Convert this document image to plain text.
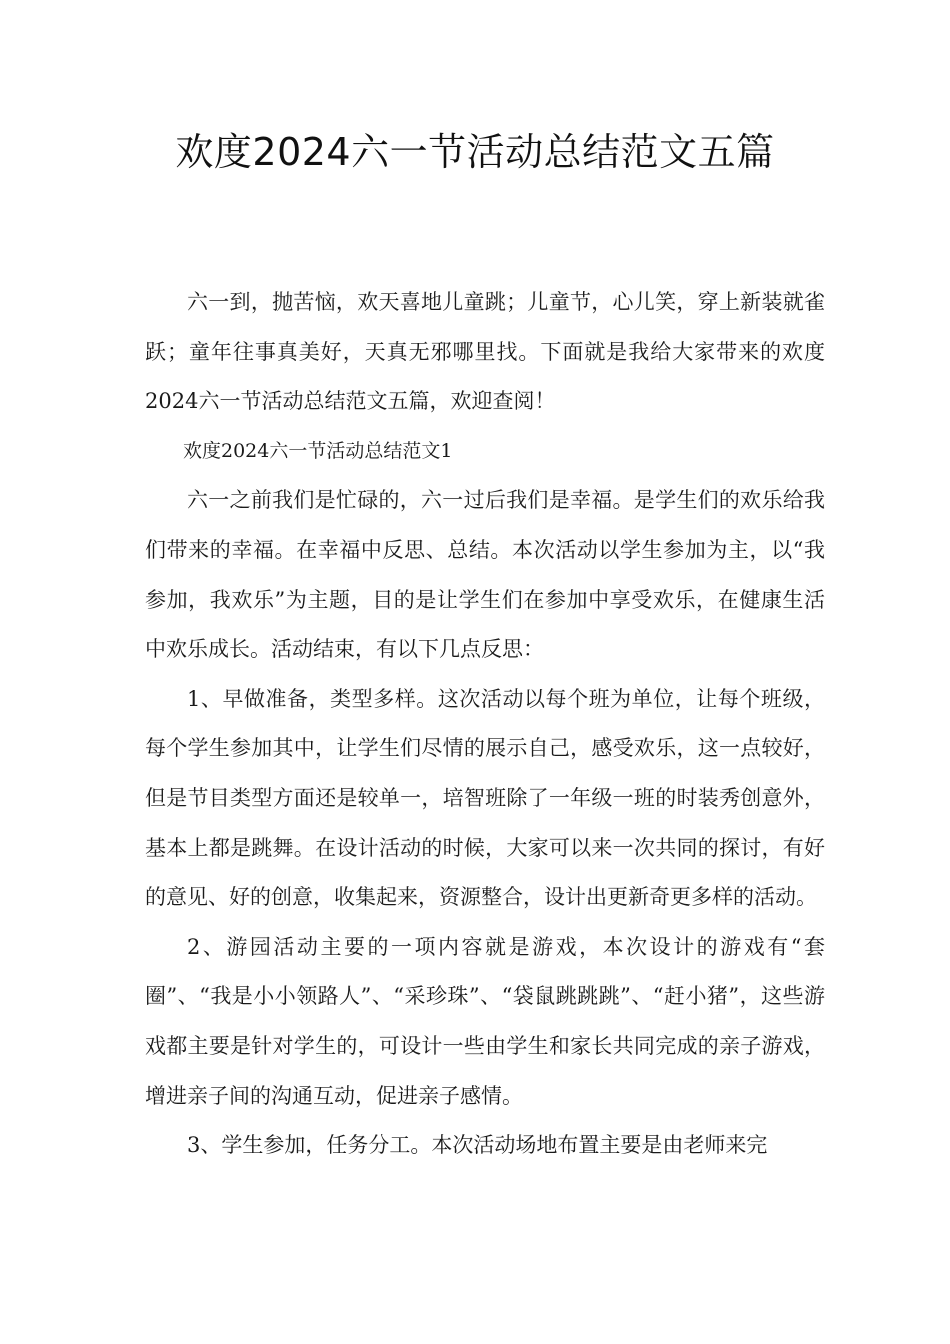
欢度2024六一节活动总结范文五篇

六一到，抛苦恼，欢天喜地儿童跳；儿童节，心儿笑，穿上新装就雀跃；童年往事真美好，天真无邪哪里找。下面就是我给大家带来的欢度2024六一节活动总结范文五篇，欢迎查阅！

欢度2024六一节活动总结范文1

六一之前我们是忙碌的，六一过后我们是幸福。是学生们的欢乐给我们带来的幸福。在幸福中反思、总结。本次活动以学生参加为主，以“我参加，我欢乐”为主题，目的是让学生们在参加中享受欢乐，在健康生活中欢乐成长。活动结束，有以下几点反思：

1、早做准备，类型多样。这次活动以每个班为单位，让每个班级，每个学生参加其中，让学生们尽情的展示自己，感受欢乐，这一点较好，但是节目类型方面还是较单一，培智班除了一年级一班的时装秀创意外，基本上都是跳舞。在设计活动的时候，大家可以来一次共同的探讨，有好的意见、好的创意，收集起来，资源整合，设计出更新奇更多样的活动。

2、游园活动主要的一项内容就是游戏，本次设计的游戏有“套圈”、“我是小小领路人”、“采珍珠”、“袋鼠跳跳跳”、“赶小猪”，这些游戏都主要是针对学生的，可设计一些由学生和家长共同完成的亲子游戏，增进亲子间的沟通互动，促进亲子感情。

3、学生参加，任务分工。本次活动场地布置主要是由老师来完
